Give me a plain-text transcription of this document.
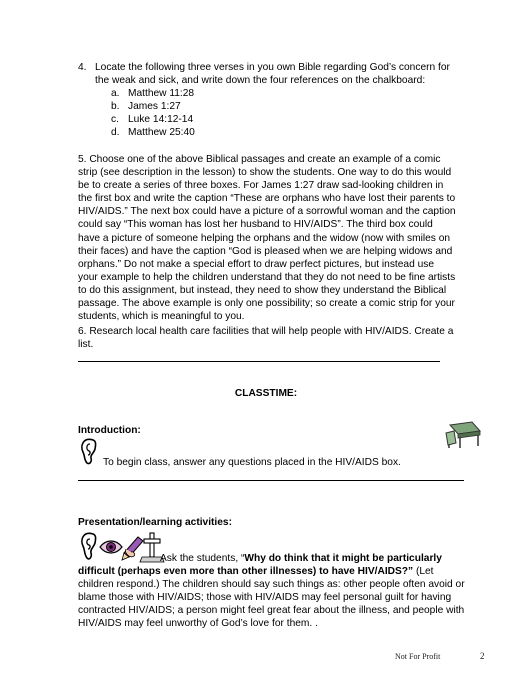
4. Locate the following three verses in you own Bible regarding God’s concern for the weak and sick, and write down the four references on the chalkboard:
a. Matthew 11:28
b. James 1:27
c. Luke 14:12-14
d. Matthew 25:40
5. Choose one of the above Biblical passages and create an example of a comic strip (see description in the lesson) to show the students. One way to do this would be to create a series of three boxes. For James 1:27 draw sad-looking children in the first box and write the caption “These are orphans who have lost their parents to HIV/AIDS.” The next box could have a picture of a sorrowful woman and the caption could say “This woman has lost her husband to HIV/AIDS”. The third box could have a picture of someone helping the orphans and the widow (now with smiles on their faces) and have the caption “God is pleased when we are helping widows and orphans.” Do not make a special effort to draw perfect pictures, but instead use your example to help the children understand that they do not need to be fine artists to do this assignment, but instead, they need to show they understand the Biblical passage. The above example is only one possibility; so create a comic strip for your students, which is meaningful to you.
6. Research local health care facilities that will help people with HIV/AIDS. Create a list.
CLASSTIME:
Introduction:
To begin class, answer any questions placed in the HIV/AIDS box.
Presentation/learning activities:
Ask the students, “Why do think that it might be particularly difficult (perhaps even more than other illnesses) to have HIV/AIDS?” (Let children respond.) The children should say such things as: other people often avoid or blame those with HIV/AIDS; those with HIV/AIDS may feel personal guilt for having contracted HIV/AIDS; a person might feel great fear about the illness, and people with HIV/AIDS may feel unworthy of God’s love for them. .
Not For Profit	2
